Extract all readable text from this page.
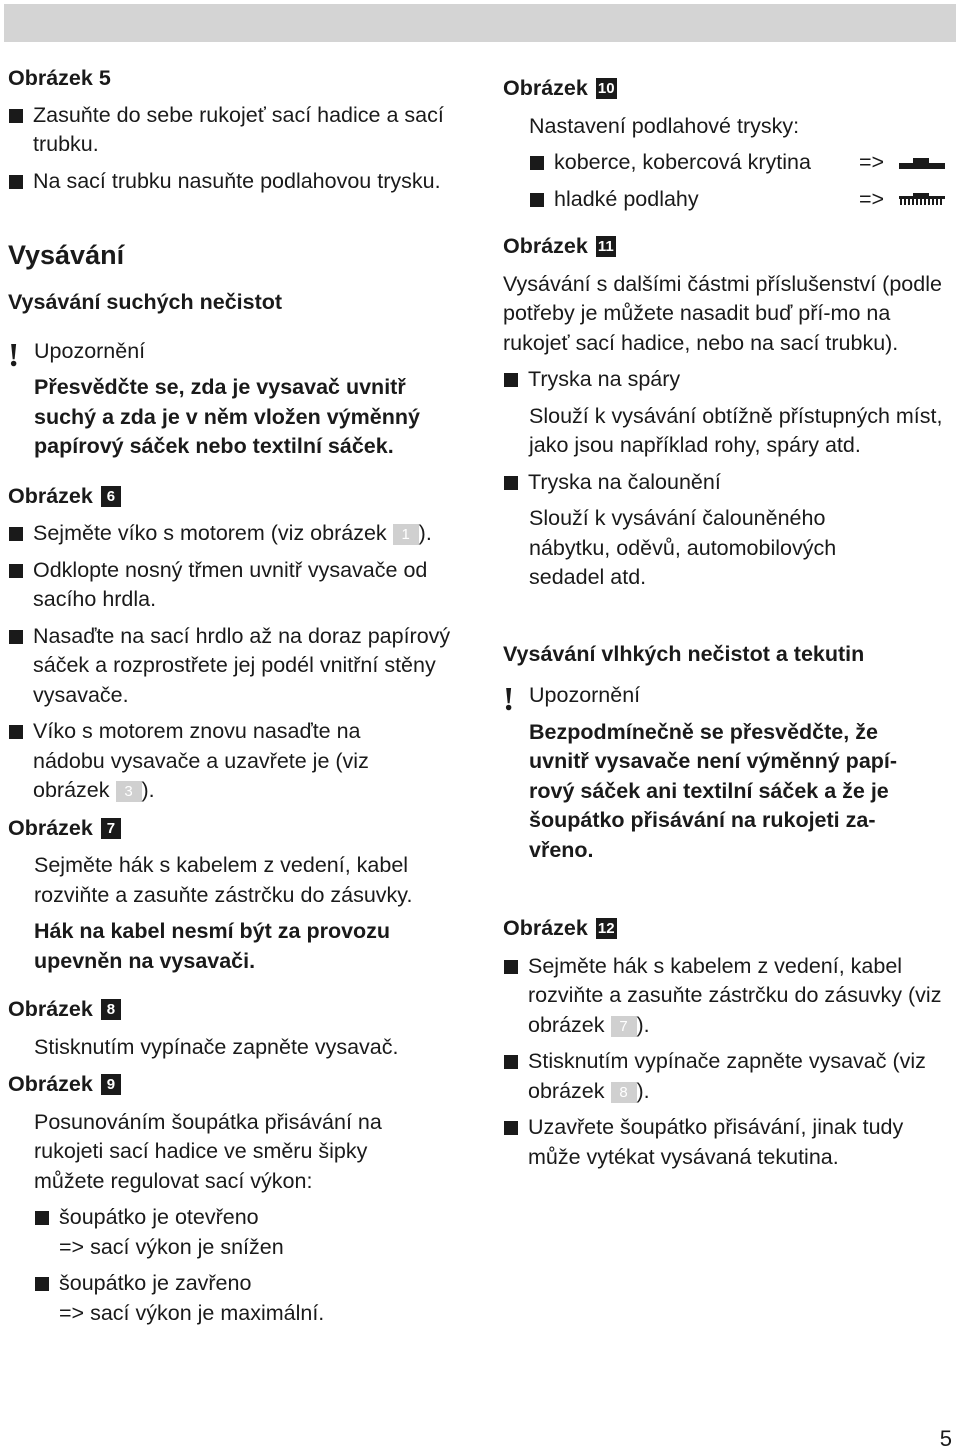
Obrázek 5

Zasuňte do sebe rukojeť sací hadice a sací trubku.

Na sací trubku nasuňte podlahovou trysku.

Vysávání

Vysávání suchých nečistot

! Upozornění

Přesvědčte se, zda je vysavač uvnitř suchý a zda je v něm vložen výměnný papírový sáček nebo textilní sáček.

Obrázek 6

Sejměte víko s motorem (viz obrázek 1 ).

Odklopte nosný třmen uvnitř vysavače od sacího hrdla.

Nasaďte na sací hrdlo až na doraz papírový sáček a rozprostřete jej podél vnitřní stěny vysavače.

Víko s motorem znovu nasaďte na nádobu vysavače a uzavřete je (viz obrázek 3 ).

Obrázek 7

Sejměte hák s kabelem z vedení, kabel rozviňte a zasuňte zástrčku do zásuvky.

Hák na kabel nesmí být za provozu upevněn na vysavači.

Obrázek 8

Stisknutím vypínače zapněte vysavač.

Obrázek 9

Posunováním šoupátka přisávání na rukojeti sací hadice ve směru šipky můžete regulovat sací výkon:

šoupátko je otevřeno
=> sací výkon je snížen

šoupátko je zavřeno
=> sací výkon je maximální.

Obrázek 10

Nastavení podlahové trysky:

koberce, kobercová krytina	=>
hladké podlahy	=>

Obrázek 11

Vysávání s dalšími částmi příslušenství (podle potřeby je můžete nasadit buď pří-mo na rukojeť sací hadice, nebo na sací trubku).

Tryska na spáry

Slouží k vysávání obtížně přístupných míst, jako jsou například rohy, spáry atd.

Tryska na čalounění

Slouží k vysávání čalouněného nábytku, oděvů, automobilových sedadel atd.

Vysávání vlhkých nečistot a tekutin

! Upozornění

Bezpodmínečně se přesvědčte, že uvnitř vysavače není výměnný papí-rový sáček ani textilní sáček a že je šoupátko přisávání na rukojeti za-vřeno.

Obrázek 12

Sejměte hák s kabelem z vedení, kabel rozviňte a zasuňte zástrčku do zásuvky (viz obrázek 7 ).

Stisknutím vypínače zapněte vysavač (viz obrázek 8 ).

Uzavřete šoupátko přisávání, jinak tudy může vytékat vysávaná tekutina.

5
